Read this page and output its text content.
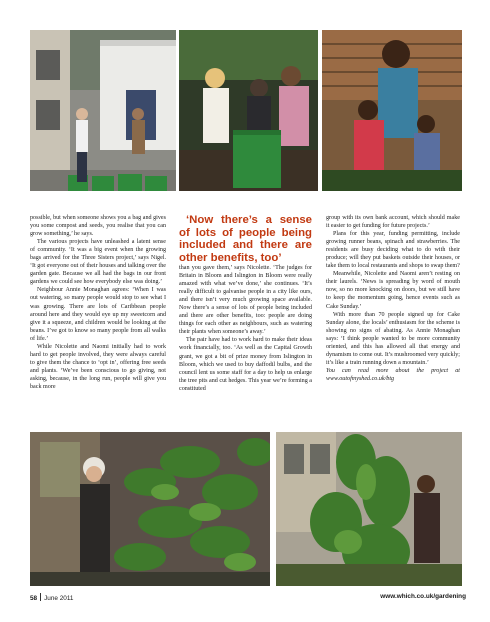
possible, but when someone shows you a bag and gives you some compost and seeds, you realise that you can grow something,’ he says.

The various projects have unleashed a latent sense of community. ‘It was a big event when the growing bags arrived for the Three Sisters project,’ says Nigel. ‘It got everyone out of their houses and talking over the garden gate. Because we all had the bags in our front gardens we could see how everybody else was doing.’

Neighbour Annie Monaghan agrees: ‘When I was out watering, so many people would stop to see what I was growing. There are lots of Caribbean people around here and they would eye up my sweetcorn and give it a squeeze, and children would be looking at the beans. I’ve got to know so many people from all walks of life.’

While Nicolette and Naomi initially had to work hard to get people involved, they were always careful to give them the chance to ‘opt in’, offering free seeds and plants. ‘We’ve been conscious to go giving, not asking, because, in the long run, people will give you back more

‘Now there’s a sense of lots of people being included and there are other benefits, too’

than you gave them,’ says Nicolette. ‘The judges for Britain in Bloom and Islington in Bloom were really amazed with what we’ve done,’ she continues. ‘It’s really difficult to galvanise people in a city like ours, and there isn’t very much growing space available. Now there’s a sense of lots of people being included and there are other benefits, too: people are doing things for each other as neighbours, such as watering their plants when someone’s away.’

The pair have had to work hard to make their ideas work financially, too. ‘As well as the Capital Growth grant, we got a bit of prize money from Islington in Bloom, which we used to buy daffodil bulbs, and the council lent us some staff for a day to help us enlarge the tree pits and cut hedges. This year we’re forming a constituted

group with its own bank account, which should make it easier to get funding for future projects.’

Plans for this year, funding permitting, include growing runner beans, spinach and strawberries. The residents are busy deciding what to do with their produce; will they put baskets outside their houses, or take them to local restaurants and shops to swap them?

Meanwhile, Nicolette and Naomi aren’t resting on their laurels. ‘News is spreading by word of mouth now, so no more knocking on doors, but we still have to keep the momentum going, hence events such as Cake Sunday.’

With more than 70 people signed up for Cake Sunday alone, the locals’ enthusiasm for the scheme is showing no signs of abating. As Annie Monaghan says: ‘I think people wanted to be more community oriented, and this has allowed all that energy and dynamism to come out. It’s mushroomed very quickly; it’s like a train running down a mountain.’

You can read more about the project at www.outofmyshed.co.uk/btg

58 June 2011	www.which.co.uk/gardening
